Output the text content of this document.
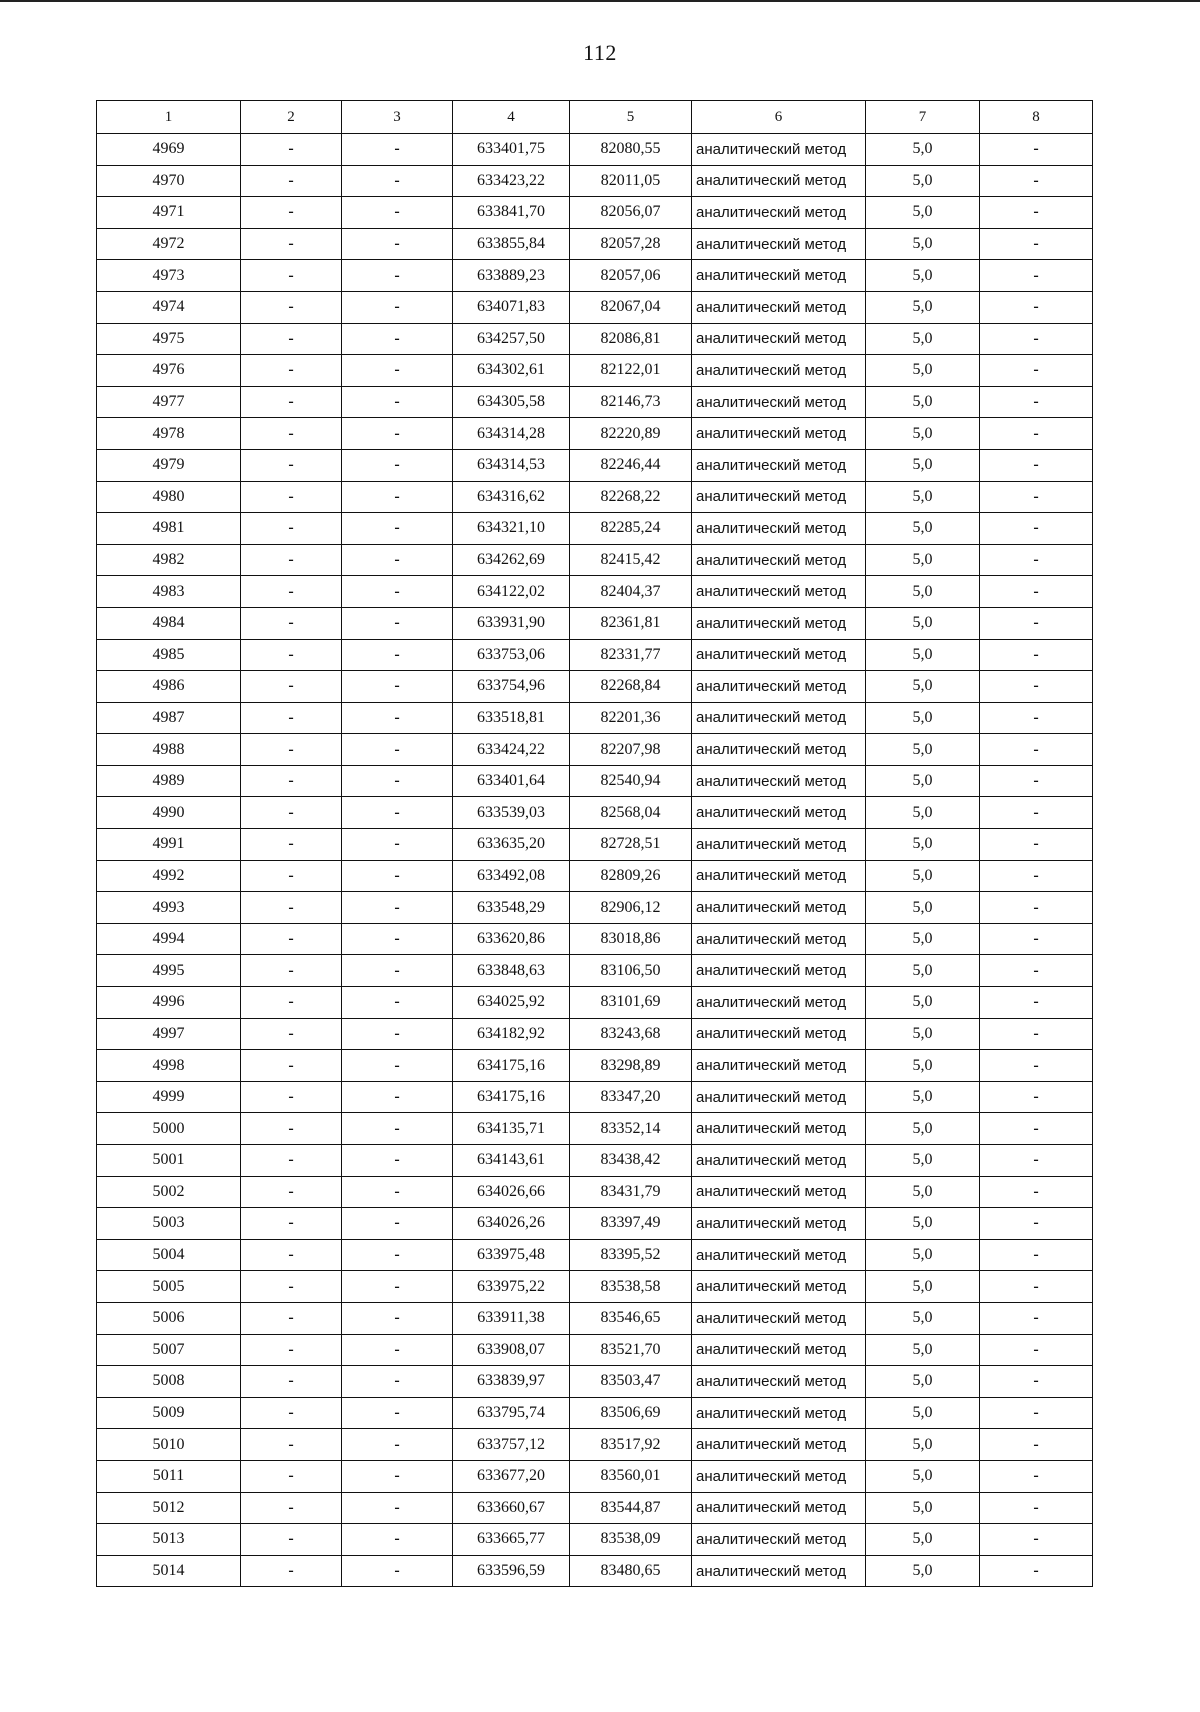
112
1	2	3	4	5	6	7	8
4969	-	-	633401,75	82080,55	аналитический метод	5,0	-
4970	-	-	633423,22	82011,05	аналитический метод	5,0	-
4971	-	-	633841,70	82056,07	аналитический метод	5,0	-
4972	-	-	633855,84	82057,28	аналитический метод	5,0	-
4973	-	-	633889,23	82057,06	аналитический метод	5,0	-
4974	-	-	634071,83	82067,04	аналитический метод	5,0	-
4975	-	-	634257,50	82086,81	аналитический метод	5,0	-
4976	-	-	634302,61	82122,01	аналитический метод	5,0	-
4977	-	-	634305,58	82146,73	аналитический метод	5,0	-
4978	-	-	634314,28	82220,89	аналитический метод	5,0	-
4979	-	-	634314,53	82246,44	аналитический метод	5,0	-
4980	-	-	634316,62	82268,22	аналитический метод	5,0	-
4981	-	-	634321,10	82285,24	аналитический метод	5,0	-
4982	-	-	634262,69	82415,42	аналитический метод	5,0	-
4983	-	-	634122,02	82404,37	аналитический метод	5,0	-
4984	-	-	633931,90	82361,81	аналитический метод	5,0	-
4985	-	-	633753,06	82331,77	аналитический метод	5,0	-
4986	-	-	633754,96	82268,84	аналитический метод	5,0	-
4987	-	-	633518,81	82201,36	аналитический метод	5,0	-
4988	-	-	633424,22	82207,98	аналитический метод	5,0	-
4989	-	-	633401,64	82540,94	аналитический метод	5,0	-
4990	-	-	633539,03	82568,04	аналитический метод	5,0	-
4991	-	-	633635,20	82728,51	аналитический метод	5,0	-
4992	-	-	633492,08	82809,26	аналитический метод	5,0	-
4993	-	-	633548,29	82906,12	аналитический метод	5,0	-
4994	-	-	633620,86	83018,86	аналитический метод	5,0	-
4995	-	-	633848,63	83106,50	аналитический метод	5,0	-
4996	-	-	634025,92	83101,69	аналитический метод	5,0	-
4997	-	-	634182,92	83243,68	аналитический метод	5,0	-
4998	-	-	634175,16	83298,89	аналитический метод	5,0	-
4999	-	-	634175,16	83347,20	аналитический метод	5,0	-
5000	-	-	634135,71	83352,14	аналитический метод	5,0	-
5001	-	-	634143,61	83438,42	аналитический метод	5,0	-
5002	-	-	634026,66	83431,79	аналитический метод	5,0	-
5003	-	-	634026,26	83397,49	аналитический метод	5,0	-
5004	-	-	633975,48	83395,52	аналитический метод	5,0	-
5005	-	-	633975,22	83538,58	аналитический метод	5,0	-
5006	-	-	633911,38	83546,65	аналитический метод	5,0	-
5007	-	-	633908,07	83521,70	аналитический метод	5,0	-
5008	-	-	633839,97	83503,47	аналитический метод	5,0	-
5009	-	-	633795,74	83506,69	аналитический метод	5,0	-
5010	-	-	633757,12	83517,92	аналитический метод	5,0	-
5011	-	-	633677,20	83560,01	аналитический метод	5,0	-
5012	-	-	633660,67	83544,87	аналитический метод	5,0	-
5013	-	-	633665,77	83538,09	аналитический метод	5,0	-
5014	-	-	633596,59	83480,65	аналитический метод	5,0	-
